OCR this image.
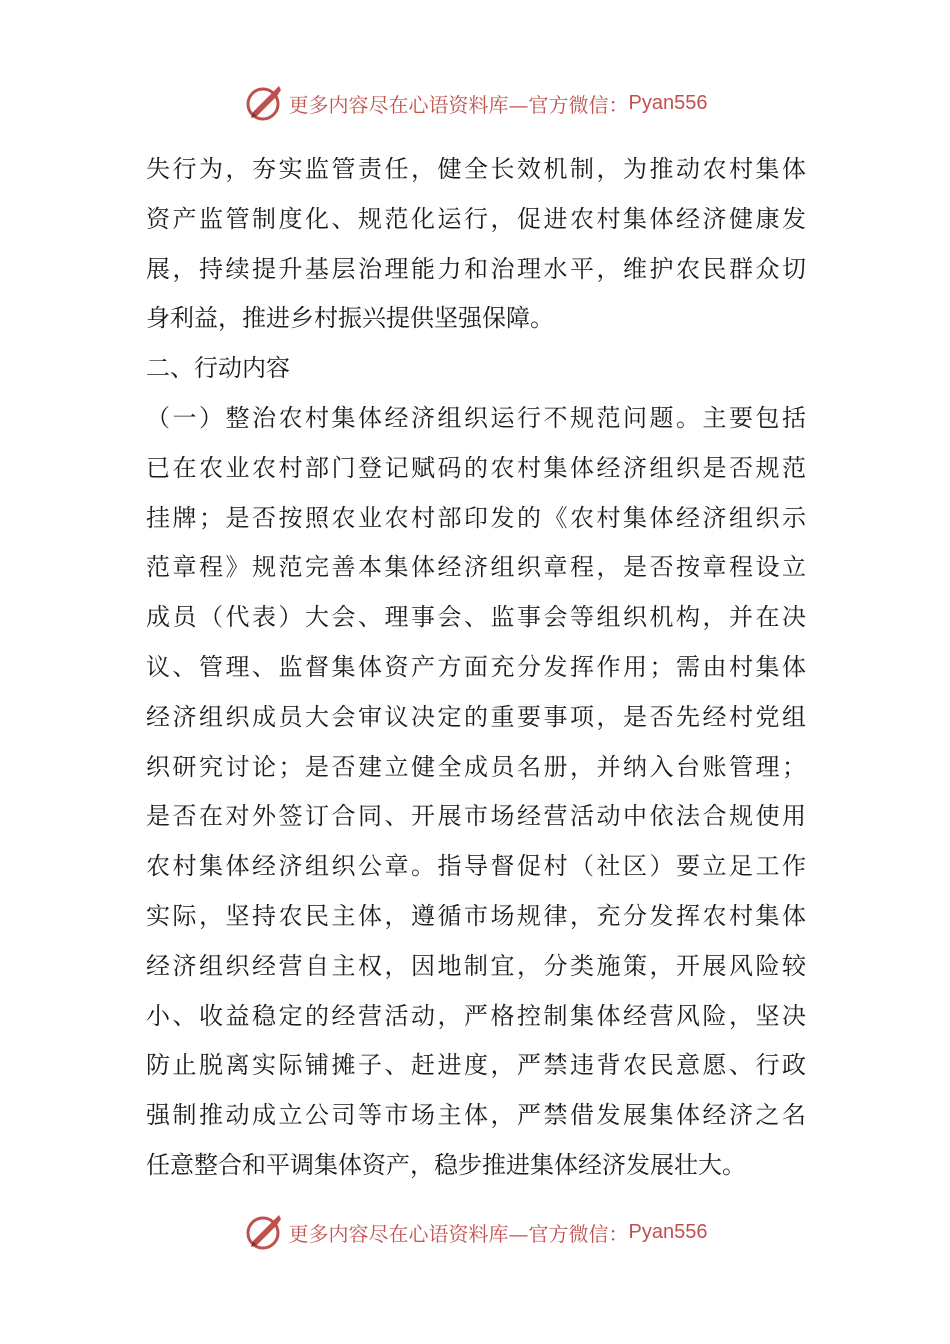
更多内容尽在心语资料库—官方微信： Pyan556
失行为，夯实监管责任，健全长效机制，为推动农村集体
资产监管制度化、规范化运行，促进农村集体经济健康发
展，持续提升基层治理能力和治理水平，维护农民群众切
身利益，推进乡村振兴提供坚强保障。
二、行动内容
（一）整治农村集体经济组织运行不规范问题。主要包括
已在农业农村部门登记赋码的农村集体经济组织是否规范
挂牌；是否按照农业农村部印发的《农村集体经济组织示
范章程》规范完善本集体经济组织章程，是否按章程设立
成员（代表）大会、理事会、监事会等组织机构，并在决
议、管理、监督集体资产方面充分发挥作用；需由村集体
经济组织成员大会审议决定的重要事项，是否先经村党组
织研究讨论；是否建立健全成员名册，并纳入台账管理；
是否在对外签订合同、开展市场经营活动中依法合规使用
农村集体经济组织公章。指导督促村（社区）要立足工作
实际，坚持农民主体，遵循市场规律，充分发挥农村集体
经济组织经营自主权，因地制宜，分类施策，开展风险较
小、收益稳定的经营活动，严格控制集体经营风险，坚决
防止脱离实际铺摊子、赶进度，严禁违背农民意愿、行政
强制推动成立公司等市场主体，严禁借发展集体经济之名
任意整合和平调集体资产，稳步推进集体经济发展壮大。
更多内容尽在心语资料库—官方微信： Pyan556
